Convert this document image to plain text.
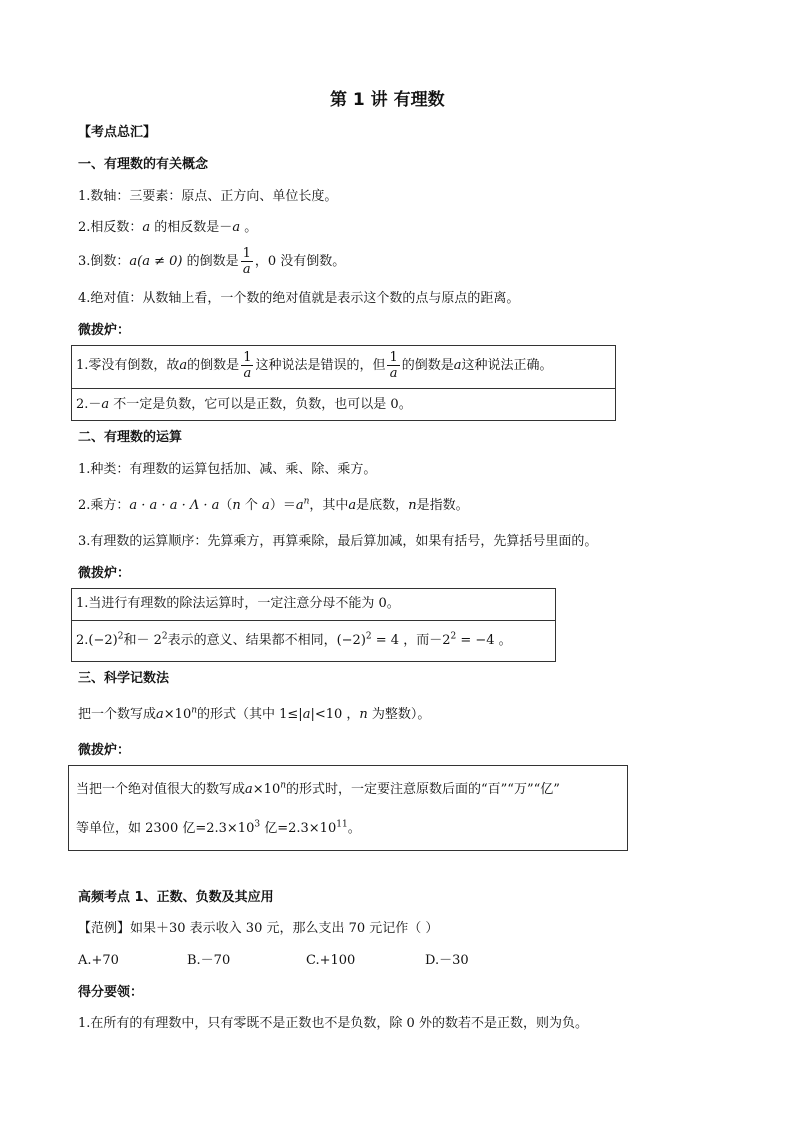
第 1 讲 有理数
【考点总汇】
一、有理数的有关概念
1.数轴：三要素：原点、正方向、单位长度。
2.相反数：a 的相反数是－a 。
3.倒数：a(a ≠ 0) 的倒数是 $\frac{1}{a}$ ，0 没有倒数。
4.绝对值：从数轴上看，一个数的绝对值就是表示这个数的点与原点的距离。
微拨炉：
1.零没有倒数，故a的倒数是 $\frac{1}{a}$ 这种说法是错误的，但 $\frac{1}{a}$ 的倒数是a这种说法正确。
2.－a 不一定是负数，它可以是正数，负数，也可以是 0。
二、有理数的运算
1.种类：有理数的运算包括加、减、乘、除、乘方。
2.乘方：a · a · a · Λ · a（n 个 $a)=a^n$，其中a是底数，n是指数。
3.有理数的运算顺序：先算乘方，再算乘除，最后算加减，如果有括号，先算括号里面的。
微拨炉：
1.当进行有理数的除法运算时，一定注意分母不能为 0。
$2.(-2)^2$和－ $2^2$表示的意义、结果都不相同，$(-2)^2 = 4$ ，而$-2^2 = -4$ 。
三、科学记数法
把一个数写成$a\times 10^n$的形式（其中 1≤|a|<10 ，n 为整数）。
微拨炉：
当把一个绝对值很大的数写成$a\times 10^n$的形式时，一定要注意原数后面的“百”“万”“亿”
等单位，如 2300 亿$=2.3\times 10^3$ 亿$=2.3\times 10^{11}$。
高频考点 1、正数、负数及其应用
【范例】如果＋30 表示收入 30 元，那么支出 70 元记作（ ）
A.+70	B.－70	C.+100	D.－30
得分要领：
1.在所有的有理数中，只有零既不是正数也不是负数，除 0 外的数若不是正数，则为负。
